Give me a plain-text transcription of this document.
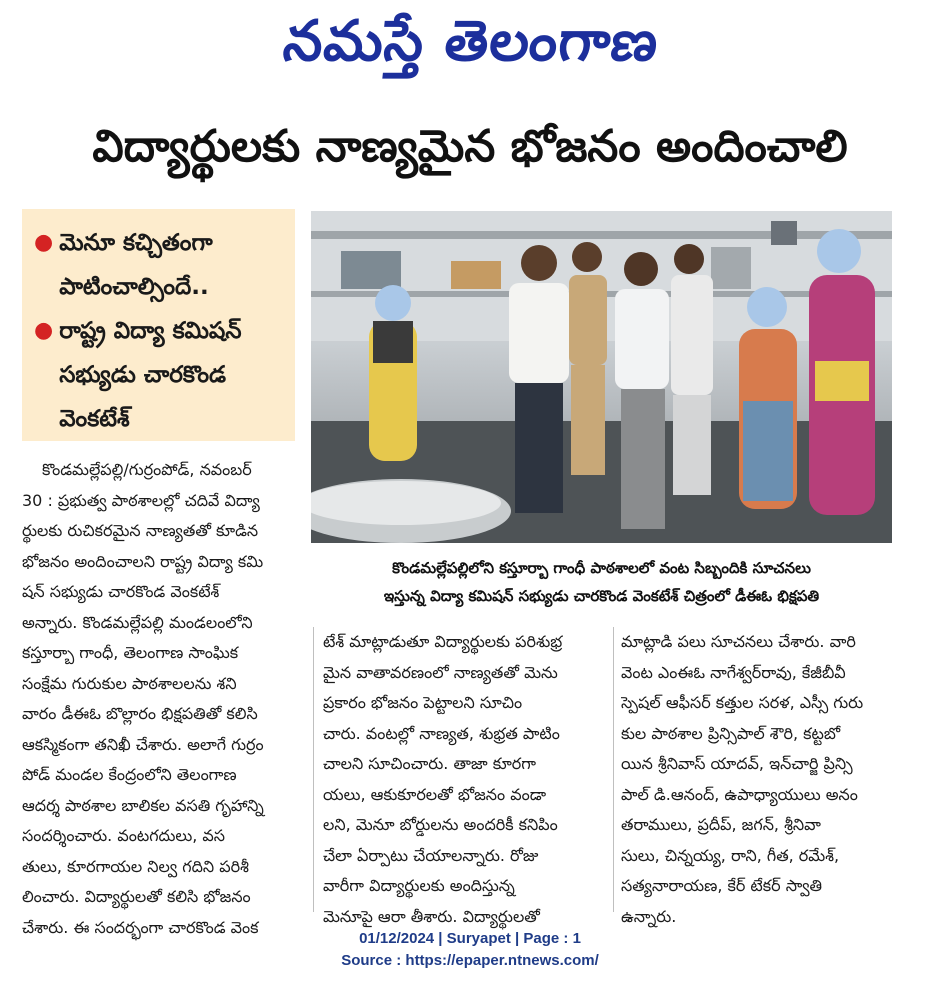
నమస్తే తెలంగాణ
విద్యార్థులకు నాణ్యమైన భోజనం అందించాలి
● మెనూ కచ్చితంగా
పాటించాల్సిందే..
● రాష్ట్ర విద్యా కమిషన్
సభ్యుడు చారకొండ
వెంకటేశ్
కొండమల్లేపల్లిలోని కస్తూర్బా గాంధీ పాఠశాలలో వంట సిబ్బందికి సూచనలు
ఇస్తున్న విద్యా కమిషన్ సభ్యుడు చారకొండ వెంకటేశ్ చిత్రంలో డీఈఓ భిక్షపతి
కొండమల్లేపల్లి/గుర్రంపోడ్, నవంబర్
30 : ప్రభుత్వ పాఠశాలల్లో చదివే విద్యా
ర్థులకు రుచికరమైన నాణ్యతతో కూడిన
భోజనం అందించాలని రాష్ట్ర విద్యా కమి
షన్ సభ్యుడు చారకొండ వెంకటేశ్
అన్నారు. కొండమల్లేపల్లి మండలంలోని
కస్తూర్బా గాంధీ, తెలంగాణ సాంఘిక
సంక్షేమ గురుకుల పాఠశాలలను శని
వారం డీఈఓ బొల్లారం భిక్షపతితో కలిసి
ఆకస్మికంగా తనిఖీ చేశారు. అలాగే గుర్రం
పోడ్ మండల కేంద్రంలోని తెలంగాణ
ఆదర్శ పాఠశాల బాలికల వసతి గృహాన్ని
సందర్శించారు. వంటగదులు, వస
తులు, కూరగాయల నిల్వ గదిని పరిశీ
లించారు. విద్యార్థులతో కలిసి భోజనం
చేశారు. ఈ సందర్భంగా చారకొండ వెంక
టేశ్ మాట్లాడుతూ విద్యార్థులకు పరిశుభ్ర
మైన వాతావరణంలో నాణ్యతతో మెను
ప్రకారం భోజనం పెట్టాలని సూచిం
చారు. వంటల్లో నాణ్యత, శుభ్రత పాటిం
చాలని సూచించారు. తాజా కూరగా
యలు, ఆకుకూరలతో భోజనం వండా
లని, మెనూ బోర్డులను అందరికీ కనిపిం
చేలా ఏర్పాటు చేయాలన్నారు. రోజు
వారీగా విద్యార్థులకు అందిస్తున్న
మెనూపై ఆరా తీశారు. విద్యార్థులతో
మాట్లాడి పలు సూచనలు చేశారు. వారి
వెంట ఎంఈఓ నాగేశ్వర్‌రావు, కేజీబీవీ
స్పెషల్ ఆఫీసర్ కత్తుల సరళ, ఎస్సీ గురు
కుల పాఠశాల ప్రిన్సిపాల్ శౌరి, కట్టబో
యిన శ్రీనివాస్ యాదవ్, ఇన్‌చార్జి ప్రిన్సి
పాల్ డి.ఆనంద్, ఉపాధ్యాయులు అనం
తరాములు, ప్రదీప్, జగన్, శ్రీనివా
సులు, చిన్నయ్య, రాని, గీత, రమేశ్,
సత్యనారాయణ, కేర్ టేకర్ స్వాతి
ఉన్నారు.
01/12/2024 | Suryapet | Page : 1
Source : https://epaper.ntnews.com/
